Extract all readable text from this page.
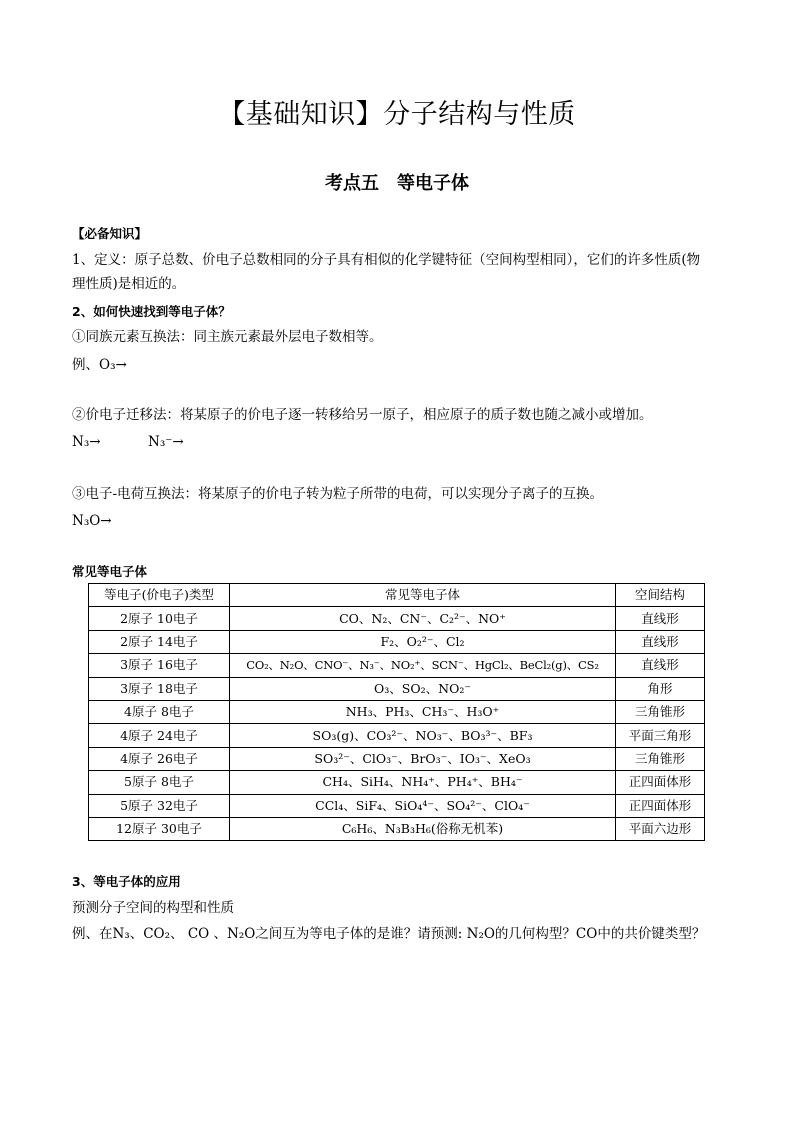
【基础知识】分子结构与性质
考点五　等电子体
【必备知识】
1、定义：原子总数、价电子总数相同的分子具有相似的化学键特征（空间构型相同），它们的许多性质(物
理性质)是相近的。
2、如何快速找到等电子体？
①同族元素互换法：同主族元素最外层电子数相等。
例、O₃→
②价电子迁移法：将某原子的价电子逐一转移给另一原子，相应原子的质子数也随之减小或增加。
N₃→	N₃⁻→
③电子-电荷互换法：将某原子的价电子转为粒子所带的电荷，可以实现分子离子的互换。
N₃O→
常见等电子体
等电子(价电子)类型	常见等电子体	空间结构
2原子 10电子	CO、N₂、CN⁻、C₂²⁻、NO⁺	直线形
2原子 14电子	F₂、O₂²⁻、Cl₂	直线形
3原子 16电子	CO₂、N₂O、CNO⁻、N₃⁻、NO₂⁺、SCN⁻、HgCl₂、BeCl₂(g)、CS₂	直线形
3原子 18电子	O₃、SO₂、NO₂⁻	角形
4原子 8电子	NH₃、PH₃、CH₃⁻、H₃O⁺	三角锥形
4原子 24电子	SO₃(g)、CO₃²⁻、NO₃⁻、BO₃³⁻、BF₃	平面三角形
4原子 26电子	SO₃²⁻、ClO₃⁻、BrO₃⁻、IO₃⁻、XeO₃	三角锥形
5原子 8电子	CH₄、SiH₄、NH₄⁺、PH₄⁺、BH₄⁻	正四面体形
5原子 32电子	CCl₄、SiF₄、SiO₄⁴⁻、SO₄²⁻、ClO₄⁻	正四面体形
12原子 30电子	C₆H₆、N₃B₃H₆(俗称无机苯)	平面六边形
3、等电子体的应用
预测分子空间的构型和性质
例、在N₃、CO₂、 CO 、N₂O之间互为等电子体的是谁？请预测: N₂O的几何构型？CO中的共价键类型？
